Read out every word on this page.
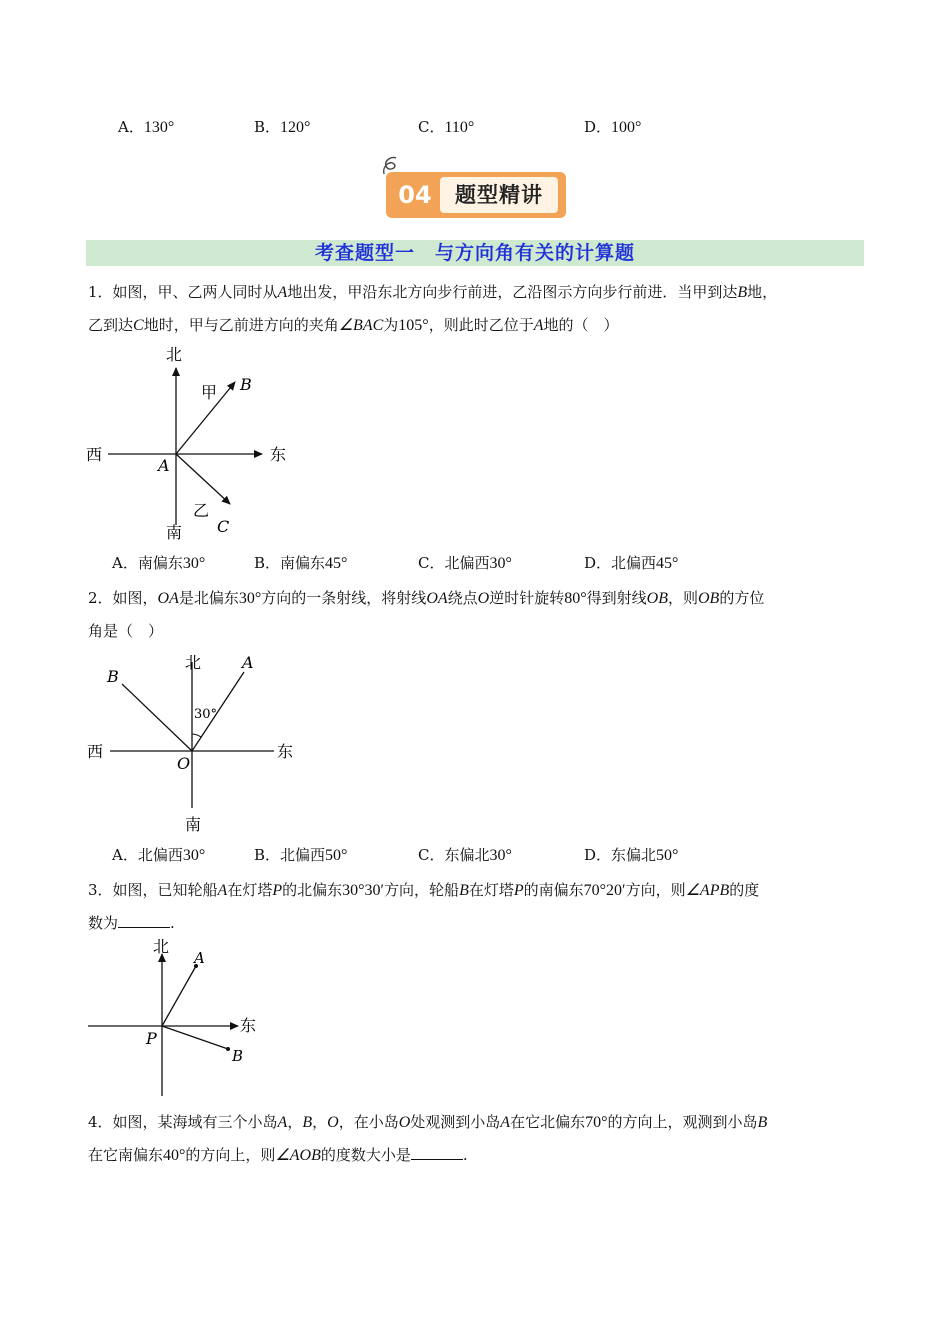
A．130°	B．120°	C．110°	D．100°
04	题型精讲
考查题型一　与方向角有关的计算题
1．如图，甲、乙两人同时从A地出发，甲沿东北方向步行前进，乙沿图示方向步行前进．当甲到达B地，
乙到达C地时，甲与乙前进方向的夹角∠BAC为105°，则此时乙位于A地的（　）
北
南
西	东
A
甲 B
乙
C
A．南偏东30°	B．南偏东45°	C．北偏西30°	D．北偏西45°
2．如图，OA是北偏东30°方向的一条射线，将射线OA绕点O逆时针旋转80°得到射线OB，则OB的方位
角是（　）
北
南
西	东
O
A
B
30°
A．北偏西30°	B．北偏西50°	C．东偏北30°	D．东偏北50°
3．如图，已知轮船A在灯塔P的北偏东30°30′方向，轮船B在灯塔P的南偏东70°20′方向，则∠APB的度
数为	.
北
东
P
A
B
4．如图，某海域有三个小岛A，B，O，在小岛O处观测到小岛A在它北偏东70°的方向上，观测到小岛B
在它南偏东40°的方向上，则∠AOB的度数大小是	.
